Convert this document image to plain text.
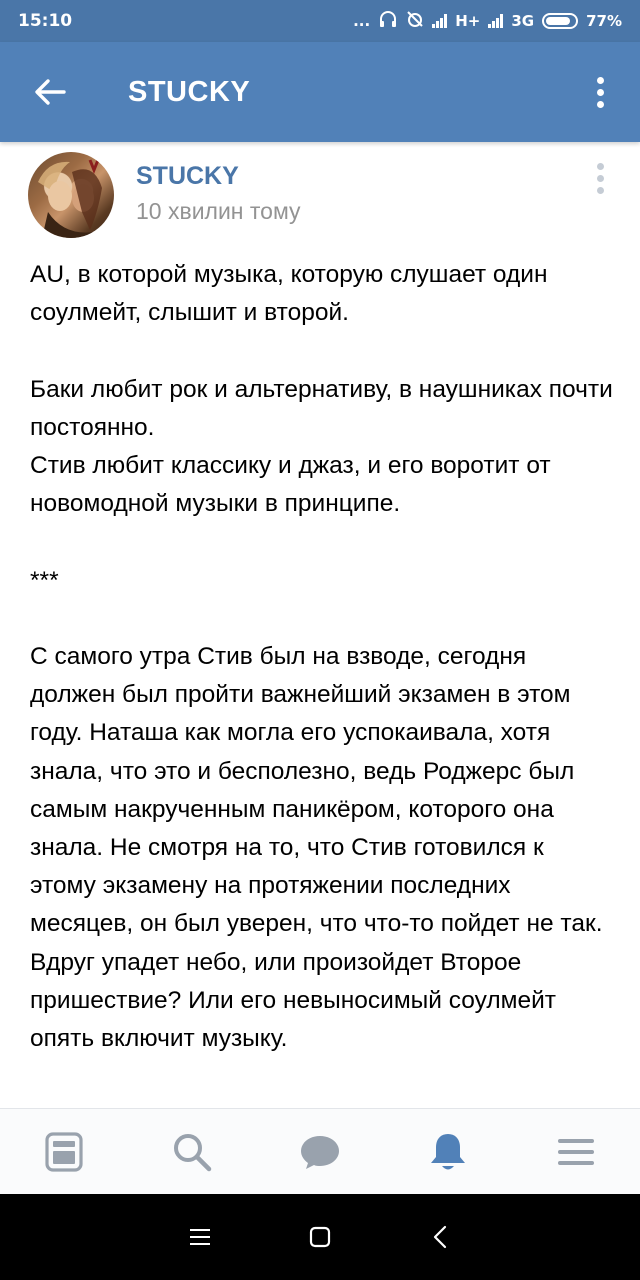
15:10	...	H+ 3G	77%
STUCKY
STUCKY
10 хвилин тому

AU, в которой музыка, которую слушает один соулмейт, слышит и второй.

Баки любит рок и альтернативу, в наушниках почти постоянно.

Стив любит классику и джаз, и его воротит от новомодной музыки в принципе.

***

С самого утра Стив был на взводе, сегодня должен был пройти важнейший экзамен в этом году. Наташа как могла его успокаивала, хотя знала, что это и бесполезно, ведь Роджерс был самым накрученным паникёром, которого она знала. Не смотря на то, что Стив готовился к этому экзамену на протяжении последних месяцев, он был уверен, что что-то пойдет не так. Вдруг упадет небо, или произойдет Второе пришествие? Или его невыносимый соулмейт опять включит музыку.
